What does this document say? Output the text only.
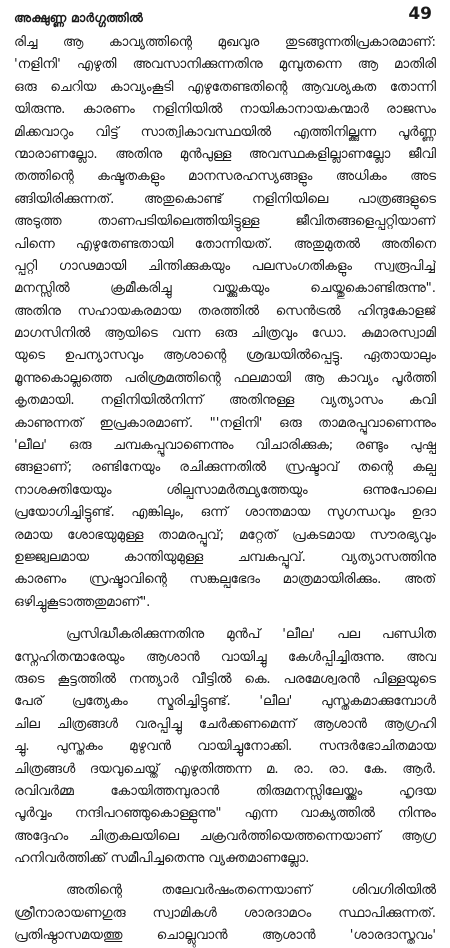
അക്ഷുണ്ണ മാർഗ്ഗത്തിൽ	49
രിച്ച ആ കാവ്യത്തിന്റെ മുഖവുര തുടങ്ങുന്നതിപ്രകാരമാണ്:
'നളിനി' എഴുതി അവസാനിക്കുന്നതിനു മുമ്പുതന്നെ ആ മാതിരി
ഒരു ചെറിയ കാവ്യംകൂടി എഴുതേണ്ടതിന്റെ ആവശ്യകത തോന്നി
യിരുന്നു. കാരണം നളിനിയിൽ നായികാനായകന്മാർ രാജസം
മിക്കവാറും വിട്ട് സാത്വികാവസ്ഥയിൽ എത്തിനില്ക്കുന്ന പൂർണ്ണ
ന്മാരാണല്ലോ. അതിനു മുൻപുള്ള അവസ്ഥകളില്ലാണല്ലോ ജീവി
തത്തിന്റെ കഷ്ടതകളും മാനസരഹസ്യങ്ങളും അധികം അട
ങ്ങിയിരിക്കുന്നത്. അതുകൊണ്ട് നളിനിയിലെ പാത്രങ്ങളുടെ
അടുത്ത താണപടിയിലെത്തിയിട്ടുള്ള ജീവിതങ്ങളെപ്പറ്റിയാണ്
പിന്നെ എഴുതേണ്ടതായി തോന്നിയത്. അതുമുതൽ അതിനെ
പ്പറ്റി ഗാഢമായി ചിന്തിക്കുകയും പലസംഗതികളും സ്വരൂപിച്ച്
മനസ്സിൽ ക്രമീകരിച്ചു വയ്ക്കുകയും ചെയ്തുകൊണ്ടിരുന്നു".
അതിനു സഹായകരമായ തരത്തിൽ സെൻട്രൽ ഹിന്ദുകോളജ്
മാഗസിനിൽ ആയിടെ വന്ന ഒരു ചിത്രവും ഡോ. കുമാരസ്വാമി
യുടെ ഉപന്യാസവും ആശാന്റെ ശ്രദ്ധയിൽപ്പെട്ടു. ഏതായാലും
മൂന്നുകൊല്ലത്തെ പരിശ്രമത്തിന്റെ ഫലമായി ആ കാവ്യം പൂർത്തി
കൃതമായി. നളിനിയിൽനിന്ന് അതിനുള്ള വ്യത്യാസം കവി
കാണുന്നത് ഇപ്രകാരമാണ്. "'നളിനി' ഒരു താമരപ്പൂവാണെന്നും
'ലീല' ഒരു ചമ്പകപ്പൂവാണെന്നും വിചാരിക്കുക; രണ്ടും പുഷ്പ
ങ്ങളാണ്; രണ്ടിനേയും രചിക്കുന്നതിൽ സ്രഷ്ടാവ് തന്റെ കല്പ
നാശക്തിയേയും ശില്പസാമർത്ഥ്യത്തേയും ഒന്നുപോലെ
പ്രയോഗിച്ചിട്ടുണ്ട്. എങ്കിലും, ഒന്ന് ശാന്തമായ സുഗന്ധവും ഉദാ
രമായ ശോഭയുമുള്ള താമരപ്പൂവ്; മറ്റേത് പ്രകടമായ സൗരഭ്യവും
ഉജ്ജ്വലമായ കാന്തിയുമുള്ള ചമ്പകപ്പൂവ്. വ്യത്യാസത്തിനു
കാരണം സ്രഷ്ടാവിന്റെ സങ്കല്പഭേദം മാത്രമായിരിക്കും. അത്
ഒഴിച്ചുകൂടാത്തതുമാണ്".
പ്രസിദ്ധീകരിക്കുന്നതിനു മുൻപ് 'ലീല' പല പണ്ഡിത
സ്നേഹിതന്മാരേയും ആശാൻ വായിച്ചു കേൾപ്പിച്ചിരുന്നു. അവ
രുടെ കൂട്ടത്തിൽ നന്ത്യാർ വീട്ടിൽ കെ. പരമേശ്വരൻ പിള്ളയുടെ
പേര് പ്രത്യേകം സ്മരിച്ചിട്ടുണ്ട്. 'ലീല' പുസ്തകമാക്കുമ്പോൾ
ചില ചിത്രങ്ങൾ വരപ്പിച്ചു ചേർക്കണമെന്ന് ആശാൻ ആഗ്രഹി
ച്ചു. പുസ്തകം മുഴുവൻ വായിച്ചുനോക്കി. സന്ദർഭോചിതമായ
ചിത്രങ്ങൾ ദയവുചെയ്ത് എഴുതിത്തന്ന മ. രാ. രാ. കേ. ആർ.
രവിവർമ്മ കോയിത്തമ്പുരാൻ തിരുമനസ്സിലേയ്ക്കും ഹൃദയ
പൂർവ്വം നന്ദിപറഞ്ഞുകൊള്ളുന്നു" എന്ന വാക്യത്തിൽ നിന്നും
അദ്ദേഹം ചിത്രകലയിലെ ചക്രവർത്തിയെത്തന്നെയാണ് ആഗ്ര
ഹനിവർത്തിക്ക് സമീപിച്ചതെന്നു വ്യക്തമാണല്ലോ.
അതിന്റെ തലേവർഷംതന്നെയാണ് ശിവഗിരിയിൽ
ശ്രീനാരായണഗുരു സ്വാമികൾ ശാരദാമഠം സ്ഥാപിക്കുന്നത്.
പ്രതിഷ്ഠാസമയത്തു ചൊല്ലുവാൻ ആശാൻ 'ശാരദാസ്തവം'
